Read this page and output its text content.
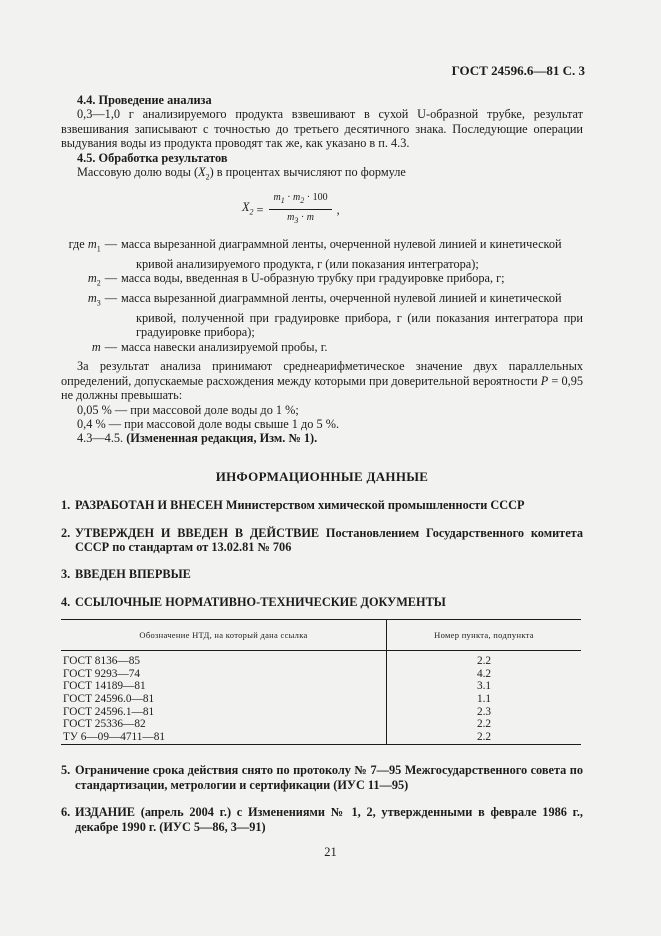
ГОСТ 24596.6—81 С. 3

4.4. Проведение анализа

0,3—1,0 г анализируемого продукта взвешивают в сухой U-образной трубке, результат взвешивания записывают с точностью до третьего десятичного знака. Последующие операции выдувания воды из продукта проводят так же, как указано в п. 4.3.

4.5. Обработка результатов

Массовую долю воды $(X_2)$ в процентах вычисляют по формуле

$X_2 = \frac{m_1 \cdot m_2 \cdot 100}{m_3 \cdot m}$ ,
где $m_1$ — масса вырезанной диаграммной ленты, очерченной нулевой линией и кинетической
кривой анализируемого продукта, г (или показания интегратора);
$m_2$ — масса воды, введенная в U-образную трубку при градуировке прибора, г;
$m_3$ — масса вырезанной диаграммной ленты, очерченной нулевой линией и кинетической
кривой, полученной при градуировке прибора, г (или показания интегратора при градуировке прибора);
m — масса навески анализируемой пробы, г.

За результат анализа принимают среднеарифметическое значение двух параллельных определений, допускаемые расхождения между которыми при доверительной вероятности P = 0,95 не должны превышать:

0,05 % — при массовой доле воды до 1 %;

0,4 % — при массовой доле воды свыше 1 до 5 %.

4.3—4.5. (Измененная редакция, Изм. № 1).

ИНФОРМАЦИОННЫЕ ДАННЫЕ
1. РАЗРАБОТАН И ВНЕСЕН Министерством химической промышленности СССР
2. УТВЕРЖДЕН И ВВЕДЕН В ДЕЙСТВИЕ Постановлением Государственного комитета СССР по стандартам от 13.02.81 № 706
3. ВВЕДЕН ВПЕРВЫЕ
4. ССЫЛОЧНЫЕ НОРМАТИВНО-ТЕХНИЧЕСКИЕ ДОКУМЕНТЫ
Обозначение НТД, на который дана ссылка	Номер пункта, подпункта
ГОСТ 8136—85	2.2
ГОСТ 9293—74	4.2
ГОСТ 14189—81	3.1
ГОСТ 24596.0—81	1.1
ГОСТ 24596.1—81	2.3
ГОСТ 25336—82	2.2
ТУ 6—09—4711—81	2.2
5. Ограничение срока действия снято по протоколу № 7—95 Межгосударственного совета по стандартизации, метрологии и сертификации (ИУС 11—95)
6. ИЗДАНИЕ (апрель 2004 г.) с Изменениями № 1, 2, утвержденными в феврале 1986 г., декабре 1990 г. (ИУС 5—86, 3—91)
21
